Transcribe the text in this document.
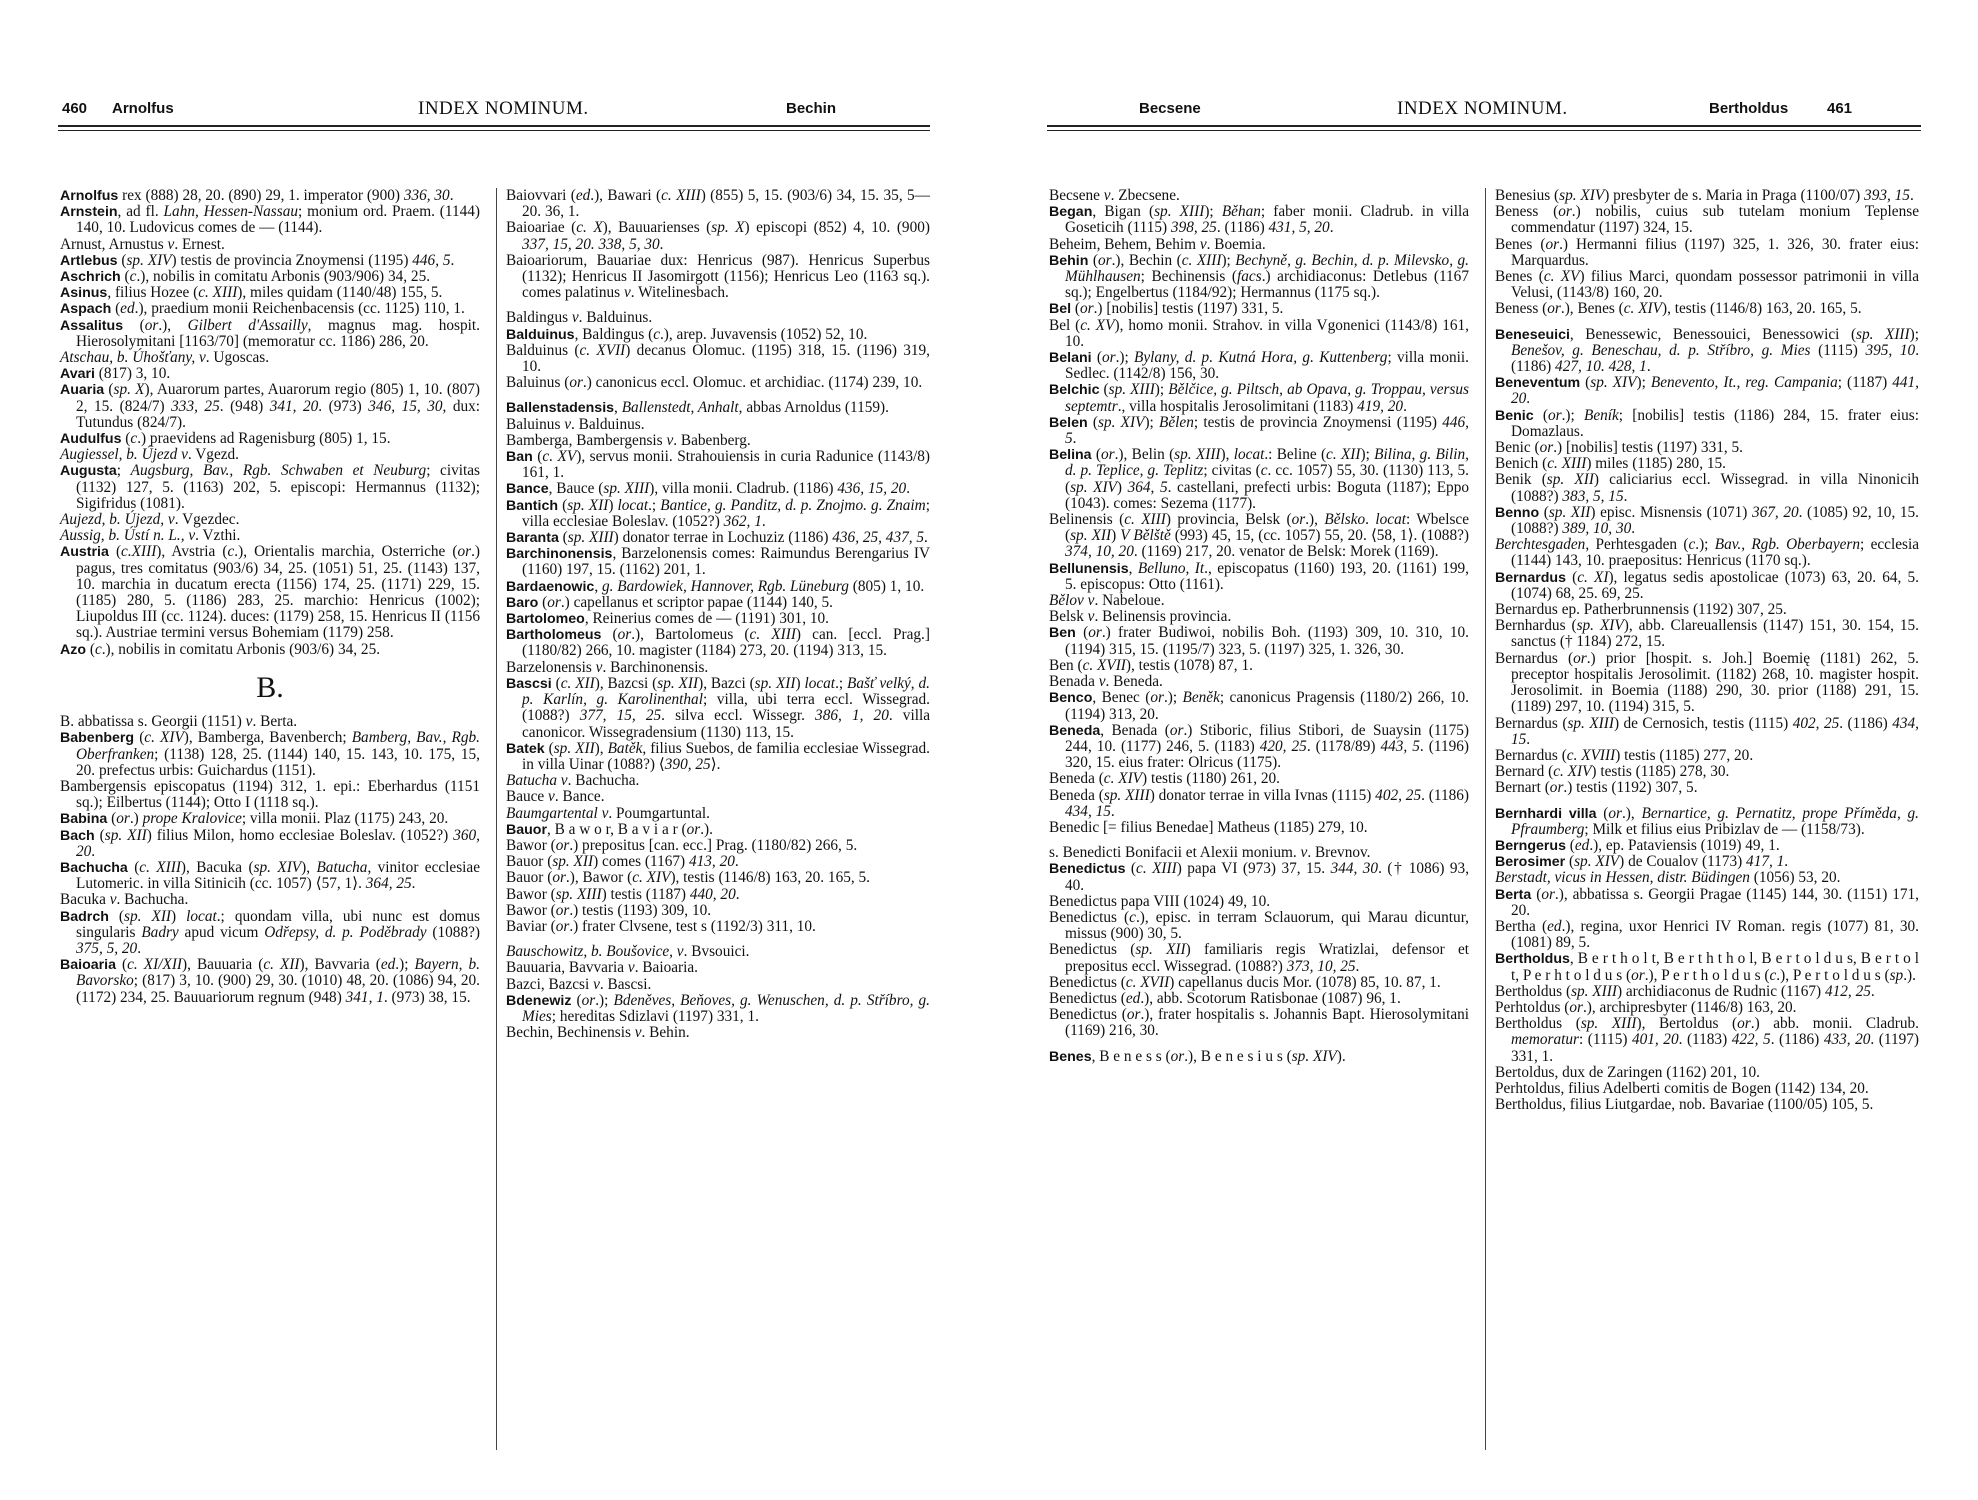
460 Arnolfus	INDEX NOMINUM.	Bechin
Arnolfus rex (888) 28, 20. (890) 29, 1. imperator (900) 336, 30.
Arnstein, ad fl. Lahn, Hessen-Nassau; monium ord. Praem. (1144) 140, 10. Ludovicus comes de — (1144).
Arnust, Arnustus v. Ernest.
Artlebus (sp. XIV) testis de provincia Znoymensi (1195) 446, 5.
Aschrich (c.), nobilis in comitatu Arbonis (903/906) 34, 25.
Asinus, filius Hozee (c. XIII), miles quidam (1140/48) 155, 5.
Aspach (ed.), praedium monii Reichenbacensis (cc. 1125) 110, 1.
Assalitus (or.), Gilbert d'Assailly, magnus mag. hospit. Hierosolymitani [1163/70] (memoratur cc. 1186) 286, 20.
Atschau, b. Úhošťany, v. Ugoscas.
Avari (817) 3, 10.
Auaria (sp. X), Auarorum partes, Auarorum regio (805) 1, 10. (807) 2, 15. (824/7) 333, 25. (948) 341, 20. (973) 346, 15, 30, dux: Tutundus (824/7).
Audulfus (c.) praevidens ad Ragenisburg (805) 1, 15.
Augiessel, b. Újezd v. Vgezd.
Augusta; Augsburg, Bav., Rgb. Schwaben et Neuburg; civitas (1132) 127, 5. (1163) 202, 5. episcopi: Hermannus (1132); Sigifridus (1081).
Aujezd, b. Újezd, v. Vgezdec.
Aussig, b. Ústí n. L., v. Vzthi.
Austria (c.XIII), Avstria (c.), Orientalis marchia, Osterriche (or.) pagus, tres comitatus (903/6) 34, 25. (1051) 51, 25. (1143) 137, 10. marchia in ducatum erecta (1156) 174, 25. (1171) 229, 15. (1185) 280, 5. (1186) 283, 25. marchio: Henricus (1002); Liupoldus III (cc. 1124). duces: (1179) 258, 15. Henricus II (1156 sq.). Austriae termini versus Bohemiam (1179) 258.
Azo (c.), nobilis in comitatu Arbonis (903/6) 34, 25.
B.
B. abbatissa s. Georgii (1151) v. Berta.
Babenberg (c. XIV), Bamberga, Bavenberch; Bamberg, Bav., Rgb. Oberfranken; (1138) 128, 25. (1144) 140, 15. 143, 10. 175, 15, 20. prefectus urbis: Guichardus (1151).
Bambergensis episcopatus (1194) 312, 1. epi.: Eberhardus (1151 sq.); Eilbertus (1144); Otto I (1118 sq.).
Babina (or.) prope Kralovice; villa monii. Plaz (1175) 243, 20.
Bach (sp. XII) filius Milon, homo ecclesiae Boleslav. (1052?) 360, 20.
Bachucha (c. XIII), Bacuka (sp. XIV), Batucha, vinitor ecclesiae Lutomeric. in villa Sitinicih (cc. 1057) ⟨57, 1⟩. 364, 25.
Bacuka v. Bachucha.
Badrch (sp. XII) locat.; quondam villa, ubi nunc est domus singularis Badry apud vicum Odřepsy, d. p. Poděbrady (1088?) 375, 5, 20.
Baioaria (c. XI/XII), Bauuaria (c. XII), Bavvaria (ed.); Bayern, b. Bavorsko; (817) 3, 10. (900) 29, 30. (1010) 48, 20. (1086) 94, 20. (1172) 234, 25. Bauuariorum regnum (948) 341, 1. (973) 38, 15.
Baiovvari (ed.), Bawari (c. XIII) (855) 5, 15. (903/6) 34, 15. 35, 5—20. 36, 1.
Baioariae (c. X), Bauuarienses (sp. X) episcopi (852) 4, 10. (900) 337, 15, 20. 338, 5, 30.
Baioariorum, Bauariae dux: Henricus (987). Henricus Superbus (1132); Henricus II Jasomirgott (1156); Henricus Leo (1163 sq.). comes palatinus v. Witelinesbach.
Baldingus v. Balduinus.
Balduinus, Baldingus (c.), arep. Juvavensis (1052) 52, 10.
Balduinus (c. XVII) decanus Olomuc. (1195) 318, 15. (1196) 319, 10.
Baluinus (or.) canonicus eccl. Olomuc. et archidiac. (1174) 239, 10.
Ballenstadensis, Ballenstedt, Anhalt, abbas Arnoldus (1159).
Baluinus v. Balduinus.
Bamberga, Bambergensis v. Babenberg.
Ban (c. XV), servus monii. Strahouiensis in curia Radunice (1143/8) 161, 1.
Bance, Bauce (sp. XIII), villa monii. Cladrub. (1186) 436, 15, 20.
Bantich (sp. XII) locat.; Bantice, g. Panditz, d. p. Znojmo. g. Znaim; villa ecclesiae Boleslav. (1052?) 362, 1.
Baranta (sp. XIII) donator terrae in Lochuziz (1186) 436, 25, 437, 5.
Barchinonensis, Barzelonensis comes: Raimundus Berengarius IV (1160) 197, 15. (1162) 201, 1.
Bardaenowic, g. Bardowiek, Hannover, Rgb. Lüneburg (805) 1, 10.
Baro (or.) capellanus et scriptor papae (1144) 140, 5.
Bartolomeo, Reinerius comes de — (1191) 301, 10.
Bartholomeus (or.), Bartolomeus (c. XIII) can. [eccl. Prag.] (1180/82) 266, 10. magister (1184) 273, 20. (1194) 313, 15.
Barzelonensis v. Barchinonensis.
Bascsi (c. XII), Bazcsi (sp. XII), Bazci (sp. XII) locat.; Bašť velký, d. p. Karlín, g. Karolinenthal; villa, ubi terra eccl. Wissegrad. (1088?) 377, 15, 25. silva eccl. Wissegr. 386, 1, 20. villa canonicor. Wissegradensium (1130) 113, 15.
Batek (sp. XII), Batěk, filius Suebos, de familia ecclesiae Wissegrad. in villa Uinar (1088?) ⟨390, 25⟩.
Batucha v. Bachucha.
Bauce v. Bance.
Baumgartental v. Poumgartuntal.
Bauor, B a w o r, B a v i a r (or.).
Bawor (or.) prepositus [can. ecc.] Prag. (1180/82) 266, 5.
Bauor (sp. XII) comes (1167) 413, 20.
Bauor (or.), Bawor (c. XIV), testis (1146/8) 163, 20. 165, 5.
Bawor (sp. XIII) testis (1187) 440, 20.
Bawor (or.) testis (1193) 309, 10.
Baviar (or.) frater Clvsene, test s (1192/3) 311, 10.
Bauschowitz, b. Boušovice, v. Bvsouici.
Bauuaria, Bavvaria v. Baioaria.
Bazci, Bazcsi v. Bascsi.
Bdenewiz (or.); Bdeněves, Beňoves, g. Wenuschen, d. p. Stříbro, g. Mies; hereditas Sdizlavi (1197) 331, 1.
Bechin, Bechinensis v. Behin.
Becsene	INDEX NOMINUM.	Bertholdus	461
Becsene v. Zbecsene.
Began, Bigan (sp. XIII); Běhan; faber monii. Cladrub. in villa Goseticih (1115) 398, 25. (1186) 431, 5, 20.
Beheim, Behem, Behim v. Boemia.
Behin (or.), Bechin (c. XIII); Bechyně, g. Bechin, d. p. Milevsko, g. Mühlhausen; Bechinensis (facs.) archidiaconus: Detlebus (1167 sq.); Engelbertus (1184/92); Hermannus (1175 sq.).
Bel (or.) [nobilis] testis (1197) 331, 5.
Bel (c. XV), homo monii. Strahov. in villa Vgonenici (1143/8) 161, 10.
Belani (or.); Bylany, d. p. Kutná Hora, g. Kuttenberg; villa monii. Sedlec. (1142/8) 156, 30.
Belchic (sp. XIII); Bělčice, g. Piltsch, ab Opava, g. Troppau, versus septemtr., villa hospitalis Jerosolimitani (1183) 419, 20.
Belen (sp. XIV); Bělen; testis de provincia Znoymensi (1195) 446, 5.
Belina (or.), Belin (sp. XIII), locat.: Beline (c. XII); Bilina, g. Bilin, d. p. Teplice, g. Teplitz; civitas (c. cc. 1057) 55, 30. (1130) 113, 5. (sp. XIV) 364, 5. castellani, prefecti urbis: Boguta (1187); Eppo (1043). comes: Sezema (1177).
Belinensis (c. XIII) provincia, Belsk (or.), Bělsko. locat: Wbelsce (sp. XII) V Bělště (993) 45, 15, (cc. 1057) 55, 20. ⟨58, 1⟩. (1088?) 374, 10, 20. (1169) 217, 20. venator de Belsk: Morek (1169).
Bellunensis, Belluno, It., episcopatus (1160) 193, 20. (1161) 199, 5. episcopus: Otto (1161).
Bělov v. Nabeloue.
Belsk v. Belinensis provincia.
Ben (or.) frater Budiwoi, nobilis Boh. (1193) 309, 10. 310, 10. (1194) 315, 15. (1195/7) 323, 5. (1197) 325, 1. 326, 30.
Ben (c. XVII), testis (1078) 87, 1.
Benada v. Beneda.
Benco, Benec (or.); Beněk; canonicus Pragensis (1180/2) 266, 10. (1194) 313, 20.
Beneda, Benada (or.) Stiboric, filius Stibori, de Suaysin (1175) 244, 10. (1177) 246, 5. (1183) 420, 25. (1178/89) 443, 5. (1196) 320, 15. eius frater: Olricus (1175).
Beneda (c. XIV) testis (1180) 261, 20.
Beneda (sp. XIII) donator terrae in villa Ivnas (1115) 402, 25. (1186) 434, 15.
Benedic [= filius Benedae] Matheus (1185) 279, 10.
s. Benedicti Bonifacii et Alexii monium. v. Brevnov.
Benedictus (c. XIII) papa VI (973) 37, 15. 344, 30. († 1086) 93, 40.
Benedictus papa VIII (1024) 49, 10.
Benedictus (c.), episc. in terram Sclauorum, qui Marau dicuntur, missus (900) 30, 5.
Benedictus (sp. XII) familiaris regis Wratizlai, defensor et prepositus eccl. Wissegrad. (1088?) 373, 10, 25.
Benedictus (c. XVII) capellanus ducis Mor. (1078) 85, 10. 87, 1.
Benedictus (ed.), abb. Scotorum Ratisbonae (1087) 96, 1.
Benedictus (or.), frater hospitalis s. Johannis Bapt. Hierosolymitani (1169) 216, 30.
Benes, B e n e s s (or.), B e n e s i u s (sp. XIV).
Benesius (sp. XIV) presbyter de s. Maria in Praga (1100/07) 393, 15.
Beness (or.) nobilis, cuius sub tutelam monium Teplense commendatur (1197) 324, 15.
Benes (or.) Hermanni filius (1197) 325, 1. 326, 30. frater eius: Marquardus.
Benes (c. XV) filius Marci, quondam possessor patrimonii in villa Velusi, (1143/8) 160, 20.
Beness (or.), Benes (c. XIV), testis (1146/8) 163, 20. 165, 5.
Beneseuici, Benessewic, Benessouici, Benessowici (sp. XIII); Benešov, g. Beneschau, d. p. Stříbro, g. Mies (1115) 395, 10. (1186) 427, 10. 428, 1.
Beneventum (sp. XIV); Benevento, It., reg. Campania; (1187) 441, 20.
Benic (or.); Beník; [nobilis] testis (1186) 284, 15. frater eius: Domazlaus.
Benic (or.) [nobilis] testis (1197) 331, 5.
Benich (c. XIII) miles (1185) 280, 15.
Benik (sp. XII) caliciarius eccl. Wissegrad. in villa Ninonicih (1088?) 383, 5, 15.
Benno (sp. XII) episc. Misnensis (1071) 367, 20. (1085) 92, 10, 15. (1088?) 389, 10, 30.
Berchtesgaden, Perhtesgaden (c.); Bav., Rgb. Oberbayern; ecclesia (1144) 143, 10. praepositus: Henricus (1170 sq.).
Bernardus (c. XI), legatus sedis apostolicae (1073) 63, 20. 64, 5. (1074) 68, 25. 69, 25.
Bernardus ep. Patherbrunnensis (1192) 307, 25.
Bernhardus (sp. XIV), abb. Clareuallensis (1147) 151, 30. 154, 15. sanctus († 1184) 272, 15.
Bernardus (or.) prior [hospit. s. Joh.] Boemię (1181) 262, 5. preceptor hospitalis Jerosolimit. (1182) 268, 10. magister hospit. Jerosolimit. in Boemia (1188) 290, 30. prior (1188) 291, 15. (1189) 297, 10. (1194) 315, 5.
Bernardus (sp. XIII) de Cernosich, testis (1115) 402, 25. (1186) 434, 15.
Bernardus (c. XVIII) testis (1185) 277, 20.
Bernard (c. XIV) testis (1185) 278, 30.
Bernart (or.) testis (1192) 307, 5.
Bernhardi villa (or.), Bernartice, g. Pernatitz, prope Příměda, g. Pfraumberg; Milk et filius eius Pribizlav de — (1158/73).
Berngerus (ed.), ep. Pataviensis (1019) 49, 1.
Berosimer (sp. XIV) de Coualov (1173) 417, 1.
Berstadt, vicus in Hessen, distr. Büdingen (1056) 53, 20.
Berta (or.), abbatissa s. Georgii Pragae (1145) 144, 30. (1151) 171, 20.
Bertha (ed.), regina, uxor Henrici IV Roman. regis (1077) 81, 30. (1081) 89, 5.
Bertholdus, B e r t h o l t, B e r t h t h o l, B e r t o l d u s, B e r t o l t, P e r h t o l d u s (or.), P e r t h o l d u s (c.), P e r t o l d u s (sp.).
Bertholdus (sp. XIII) archidiaconus de Rudnic (1167) 412, 25.
Perhtoldus (or.), archipresbyter (1146/8) 163, 20.
Bertholdus (sp. XIII), Bertoldus (or.) abb. monii. Cladrub. memoratur: (1115) 401, 20. (1183) 422, 5. (1186) 433, 20. (1197) 331, 1.
Bertoldus, dux de Zaringen (1162) 201, 10.
Perhtoldus, filius Adelberti comitis de Bogen (1142) 134, 20.
Bertholdus, filius Liutgardae, nob. Bavariae (1100/05) 105, 5.
